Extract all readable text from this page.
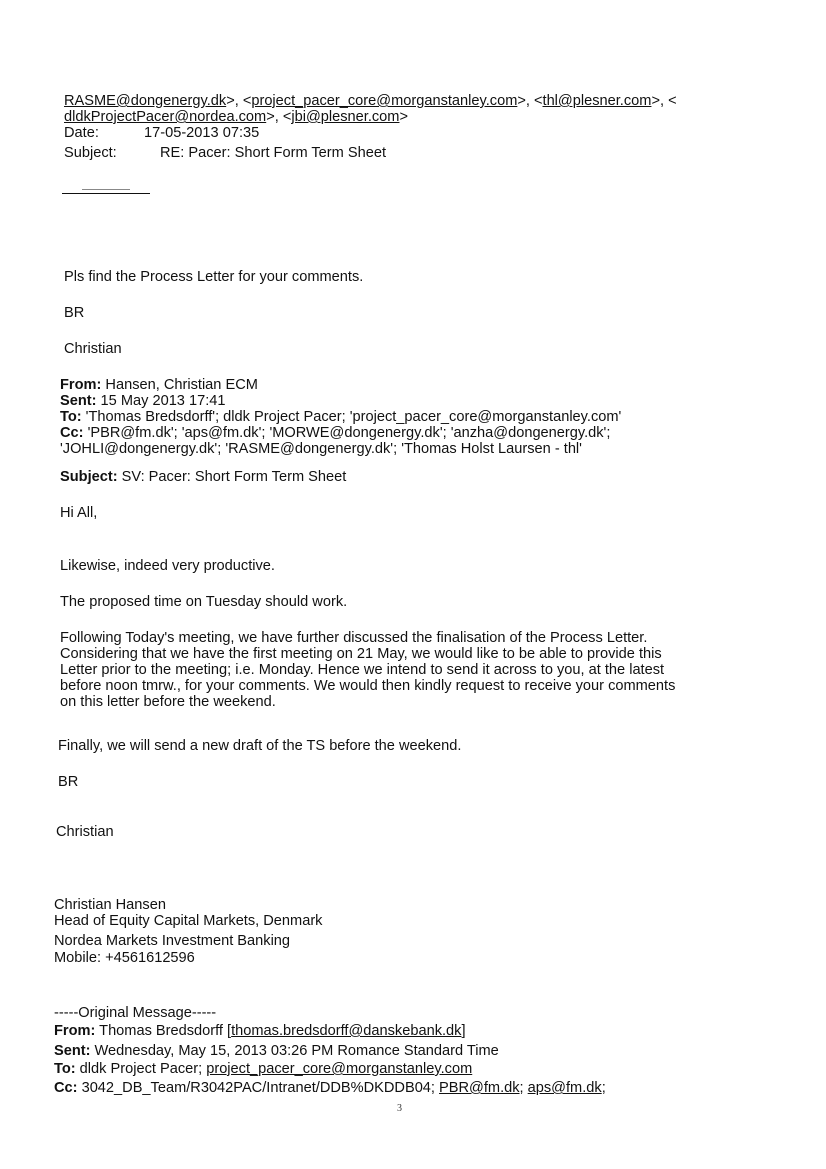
RASME@dongenergy.dk>, <project_pacer_core@morganstanley.com>, <thl@plesner.com>, <
dldkProjectPacer@nordea.com>, <jbi@plesner.com>
Date:	17-05-2013 07:35
Subject:	RE: Pacer: Short Form Term Sheet
Pls find the Process Letter for your comments.
BR
Christian
From: Hansen, Christian ECM
Sent: 15 May 2013 17:41
To: 'Thomas Bredsdorff'; dldk Project Pacer; 'project_pacer_core@morganstanley.com'
Cc: 'PBR@fm.dk'; 'aps@fm.dk'; 'MORWE@dongenergy.dk'; 'anzha@dongenergy.dk';
'JOHLI@dongenergy.dk'; 'RASME@dongenergy.dk'; 'Thomas Holst Laursen - thl'
Subject: SV: Pacer: Short Form Term Sheet
Hi All,
Likewise, indeed very productive.
The proposed time on Tuesday should work.
Following Today's meeting, we have further discussed the finalisation of the Process Letter.
Considering that we have the first meeting on 21 May, we would like to be able to provide this
Letter prior to the meeting; i.e. Monday. Hence we intend to send it across to you, at the latest
before noon tmrw., for your comments. We would then kindly request to receive your comments
on this letter before the weekend.
Finally, we will send a new draft of the TS before the weekend.
BR
Christian
Christian Hansen
Head of Equity Capital Markets, Denmark
Nordea Markets Investment Banking
Mobile: +4561612596
-----Original Message-----
From: Thomas Bredsdorff [thomas.bredsdorff@danskebank.dk]
Sent: Wednesday, May 15, 2013 03:26 PM Romance Standard Time
To: dldk Project Pacer; project_pacer_core@morganstanley.com
Cc: 3042_DB_Team/R3042PAC/Intranet/DDB%DKDDB04; PBR@fm.dk; aps@fm.dk;
3
